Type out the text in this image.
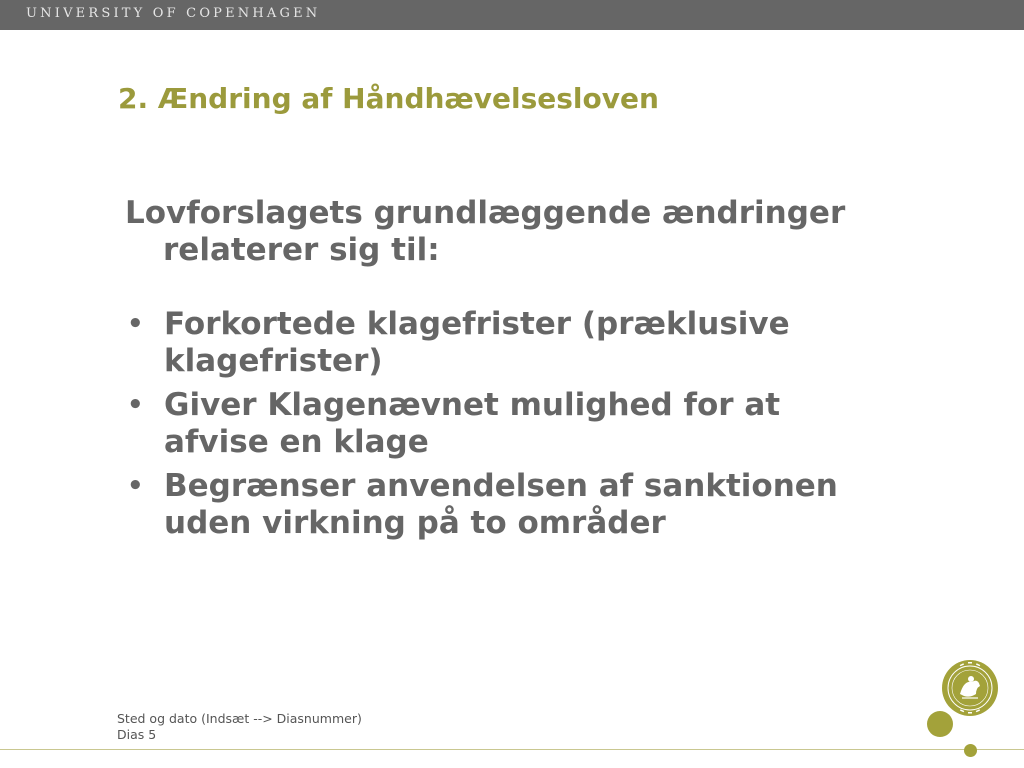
UNIVERSITY OF COPENHAGEN
2. Ændring af Håndhævelsesloven

Lovforslagets grundlæggende ændringer relaterer sig til:

• Forkortede klagefrister (præklusive klagefrister)
• Giver Klagenævnet mulighed for at afvise en klage
• Begrænser anvendelsen af sanktionen uden virkning på to områder
Sted og dato (Indsæt --> Diasnummer)
Dias 5
